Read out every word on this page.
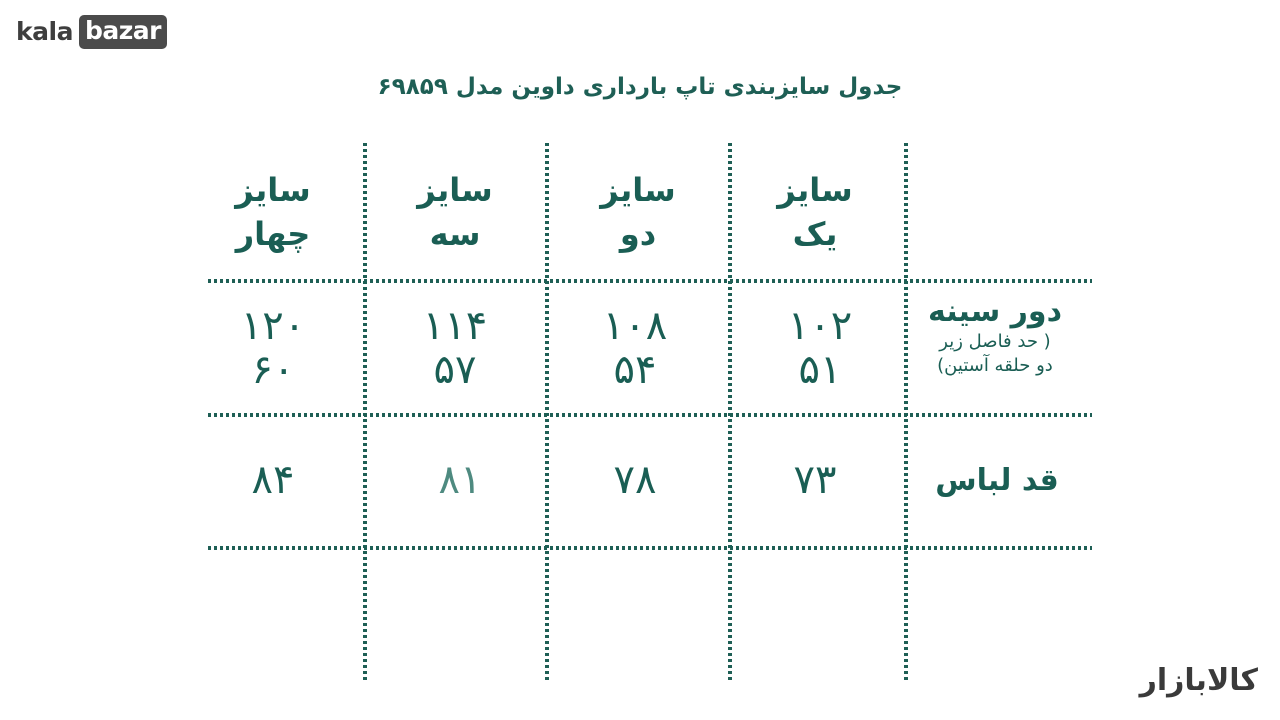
kala bazar
کالابازار
جدول سایزبندی تاپ بارداری داوین مدل ۶۹۸۵۹
سایز
یک
سایز
دو
سایز
سه
سایز
چهار
دور سینه
( حد فاصل زیر
دو حلقه آستین)
۱۰۲
۵۱
۱۰۸
۵۴
۱۱۴
۵۷
۱۲۰
۶۰
قد لباس
۷۳
۷۸
۸۱
۸۴
